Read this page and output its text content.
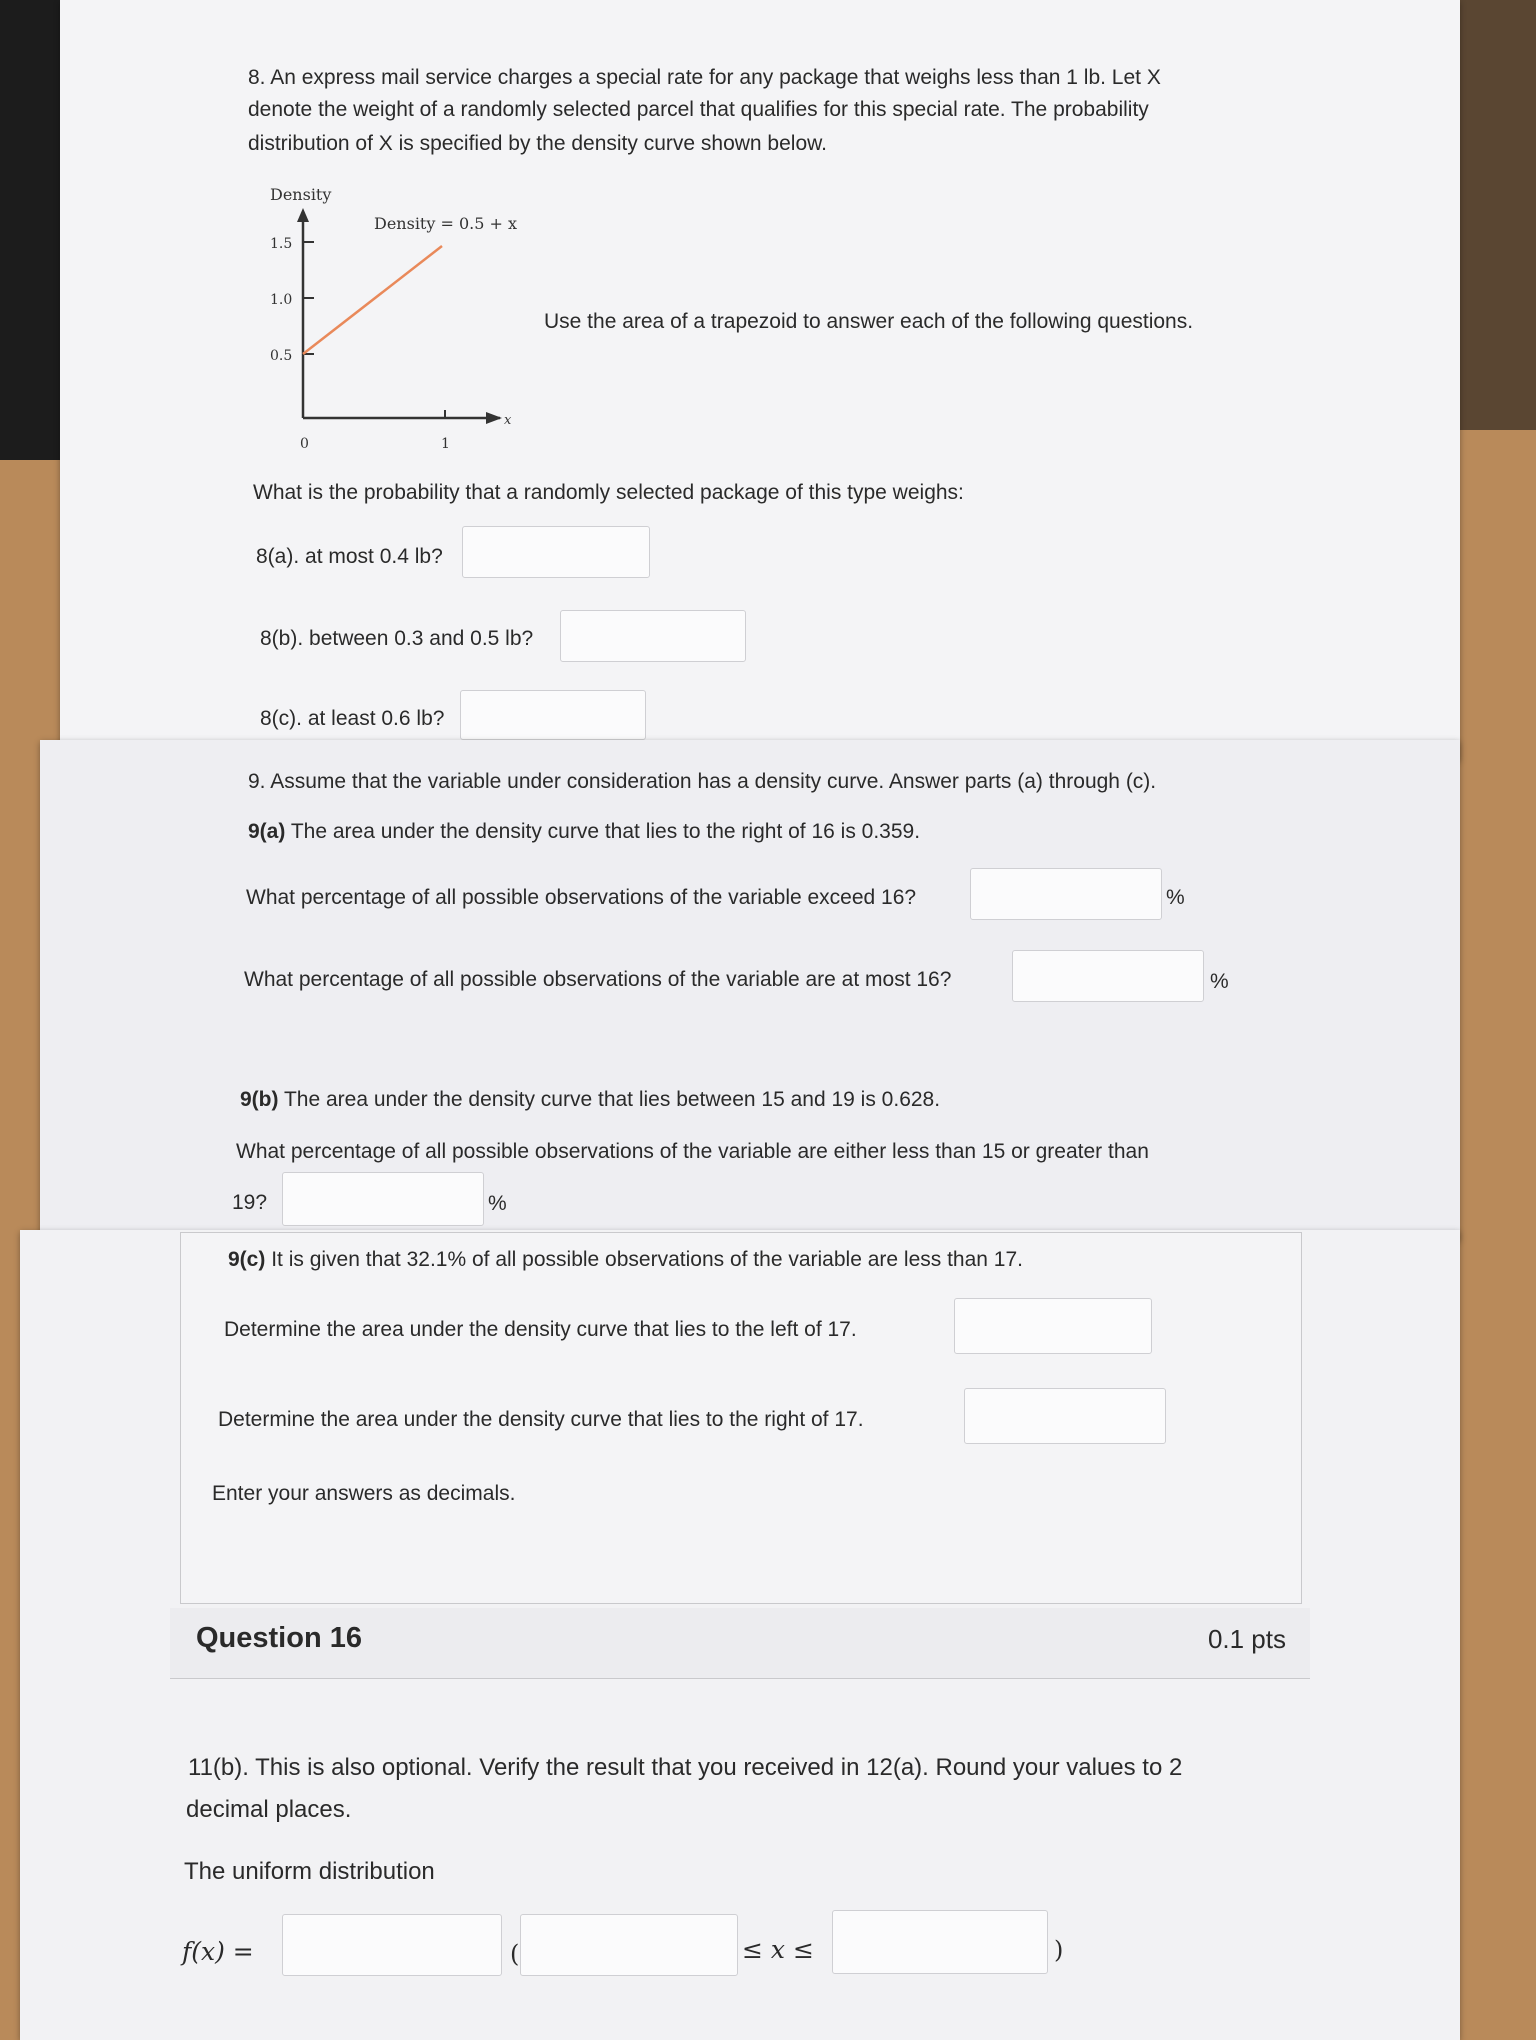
8. An express mail service charges a special rate for any package that weighs less than 1 lb. Let X
denote the weight of a randomly selected parcel that qualifies for this special rate. The probability
distribution of X is specified by the density curve shown below.
Density
x
1.5
1.0
0.5
0	1
Density = 0.5 + x
Use the area of a trapezoid to answer each of the following questions.
What is the probability that a randomly selected package of this type weighs:
8(a). at most 0.4 lb?
8(b). between 0.3 and 0.5 lb?
8(c). at least 0.6 lb?
9. Assume that the variable under consideration has a density curve. Answer parts (a) through (c).
9(a) The area under the density curve that lies to the right of 16 is 0.359.
What percentage of all possible observations of the variable exceed 16?	%
What percentage of all possible observations of the variable are at most 16?	%
9(b) The area under the density curve that lies between 15 and 19 is 0.628.
What percentage of all possible observations of the variable are either less than 15 or greater than
19?	%
9(c) It is given that 32.1% of all possible observations of the variable are less than 17.
Determine the area under the density curve that lies to the left of 17.
Determine the area under the density curve that lies to the right of 17.
Enter your answers as decimals.
Question 16	0.1 pts
11(b). This is also optional. Verify the result that you received in 12(a). Round your values to 2
decimal places.
The uniform distribution
f(x) =	(	≤ x ≤	)
